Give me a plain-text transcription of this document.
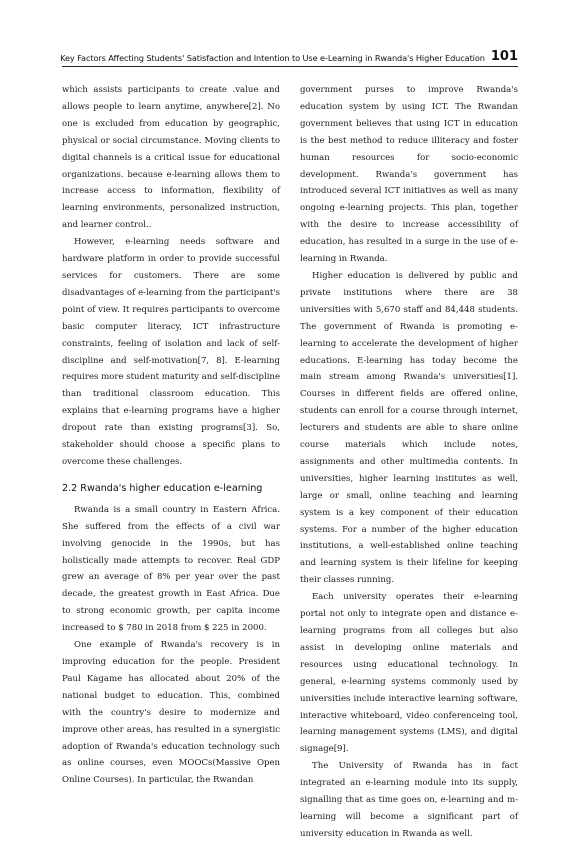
Key Factors Affecting Students' Satisfaction and Intention to Use e-Learning in Rwanda's Higher Education 101

which assists participants to create .value and allows people to learn anytime, anywhere[2]. No one is excluded from education by geographic, physical or social circumstance. Moving clients to digital channels is a critical issue for educational organizations. because e-learning allows them to increase access to information, flexibility of learning environments, personalized instruction, and learner control..

However, e-learning needs software and hardware platform in order to provide successful services for customers. There are some disadvantages of e-learning from the participant's point of view. It requires participants to overcome basic computer literacy, ICT infrastructure constraints, feeling of isolation and lack of self-discipline and self-motivation[7, 8]. E-learning requires more student maturity and self-discipline than traditional classroom education. This explains that e-learning programs have a higher dropout rate than existing programs[3]. So, stakeholder should choose a specific plans to overcome these challenges.

2.2 Rwanda's higher education e-learning

Rwanda is a small country in Eastern Africa. She suffered from the effects of a civil war involving genocide in the 1990s, but has holistically made attempts to recover. Real GDP grew an average of 8% per year over the past decade, the greatest growth in East Africa. Due to strong economic growth, per capita income increased to $ 780 in 2018 from $ 225 in 2000.

One example of Rwanda's recovery is in improving education for the people. President Paul Kagame has allocated about 20% of the national budget to education. This, combined with the country's desire to modernize and improve other areas, has resulted in a synergistic adoption of Rwanda's education technology such as online courses, even MOOCs(Massive Open Online Courses). In particular, the Rwandan

government purses to improve Rwanda's education system by using ICT. The Rwandan government believes that using ICT in education is the best method to reduce illiteracy and foster human resources for socio-economic development. Rwanda's government has introduced several ICT initiatives as well as many ongoing e-learning projects. This plan, together with the desire to increase accessibility of education, has resulted in a surge in the use of e-learning in Rwanda.

Higher education is delivered by public and private institutions where there are 38 universities with 5,670 staff and 84,448 students. The government of Rwanda is promoting e-learning to accelerate the development of higher educations. E-learning has today become the main stream among Rwanda's universities[1]. Courses in different fields are offered online, students can enroll for a course through internet, lecturers and students are able to share online course materials which include notes, assignments and other multimedia contents. In universities, higher learning institutes as well, large or small, online teaching and learning system is a key component of their education systems. For a number of the higher education institutions, a well-established online teaching and learning system is their lifeline for keeping their classes running.

Each university operates their e-learning portal not only to integrate open and distance e-learning programs from all colleges but also assist in developing online materials and resources using educational technology. In general, e-learning systems commonly used by universities include interactive learning software, interactive whiteboard, video conferenceing tool, learning management systems (LMS), and digital signage[9].

The University of Rwanda has in fact integrated an e-learning module into its supply, signalling that as time goes on, e-learning and m-learning will become a significant part of university education in Rwanda as well.
